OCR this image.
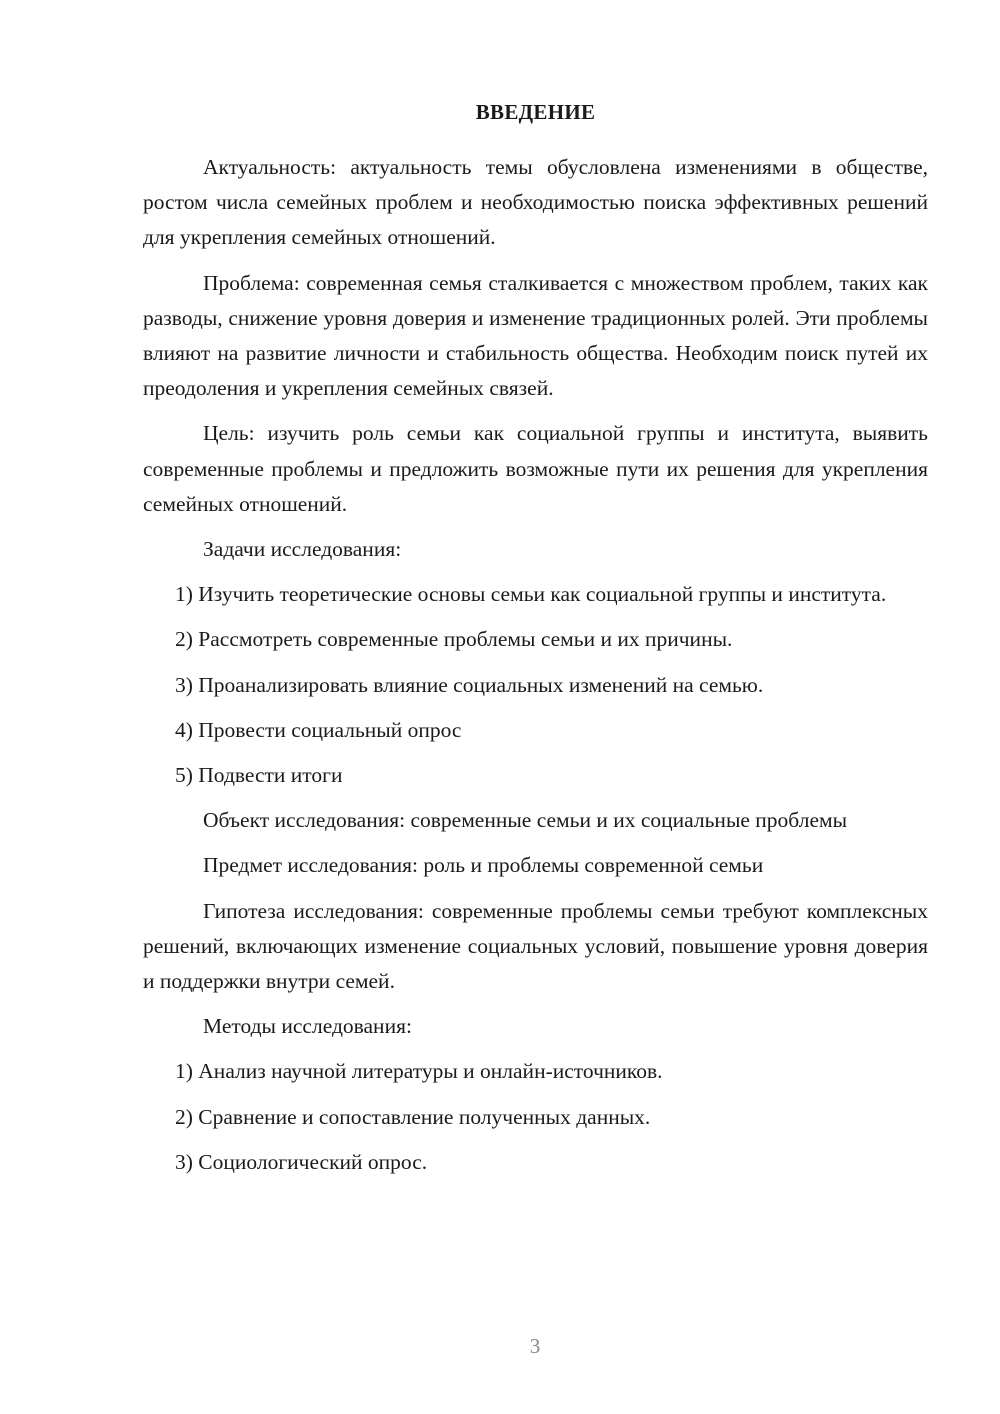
ВВЕДЕНИЕ

Актуальность: актуальность темы обусловлена изменениями в обществе, ростом числа семейных проблем и необходимостью поиска эффективных решений для укрепления семейных отношений.

Проблема: современная семья сталкивается с множеством проблем, таких как разводы, снижение уровня доверия и изменение традиционных ролей. Эти проблемы влияют на развитие личности и стабильность общества. Необходим поиск путей их преодоления и укрепления семейных связей.

Цель: изучить роль семьи как социальной группы и института, выявить современные проблемы и предложить возможные пути их решения для укрепления семейных отношений.

Задачи исследования:

1) Изучить теоретические основы семьи как социальной группы и института.

2) Рассмотреть современные проблемы семьи и их причины.

3) Проанализировать влияние социальных изменений на семью.

4) Провести социальный опрос

5) Подвести итоги

Объект исследования: современные семьи и их социальные проблемы

Предмет исследования: роль и проблемы современной семьи

Гипотеза исследования: современные проблемы семьи требуют комплексных решений, включающих изменение социальных условий, повышение уровня доверия и поддержки внутри семей.

Методы исследования:

1) Анализ научной литературы и онлайн-источников.

2) Сравнение и сопоставление полученных данных.

3) Социологический опрос.

3
